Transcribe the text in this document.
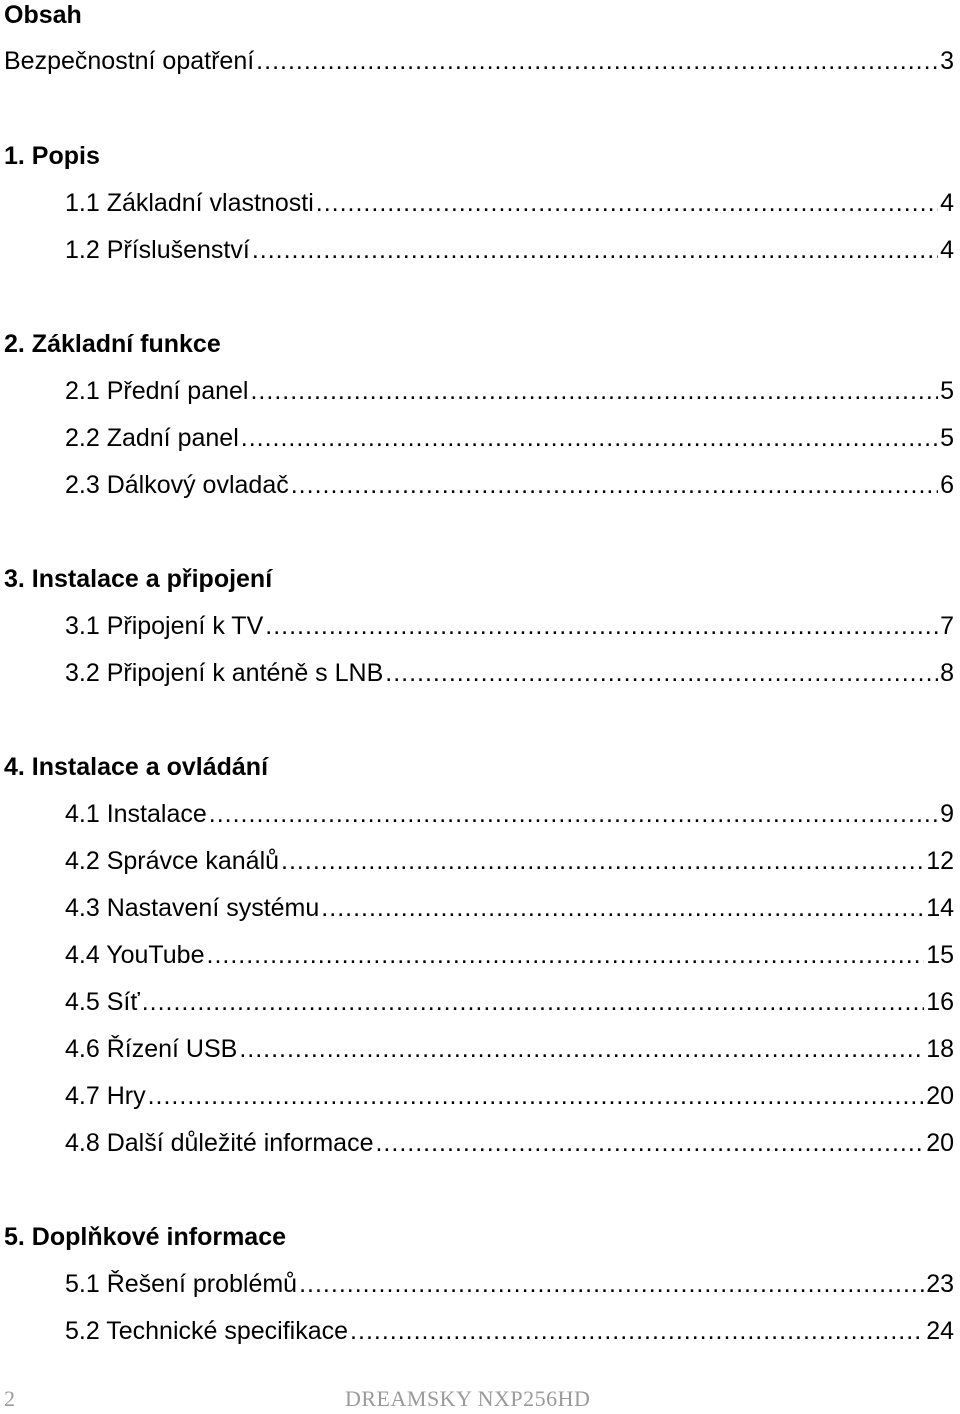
Obsah
Bezpečnostní opatření .....	3
1. Popis
1.1 Základní vlastnosti .....	4
1.2 Příslušenství .....	4
2. Základní funkce
2.1 Přední panel .....	5
2.2 Zadní panel .....	5
2.3 Dálkový ovladač .....	6
3. Instalace a připojení
3.1 Připojení k TV .....	7
3.2 Připojení k anténě s LNB .....	8
4. Instalace a ovládání
4.1 Instalace .....	9
4.2 Správce kanálů .....	12
4.3 Nastavení systému .....	14
4.4 YouTube .....	15
4.5 Síť .....	16
4.6 Řízení USB .....	18
4.7 Hry .....	20
4.8 Další důležité informace .....	20
5. Doplňkové informace
5.1 Řešení problémů .....	23
5.2 Technické specifikace .....	24
2	DREAMSKY NXP256HD
